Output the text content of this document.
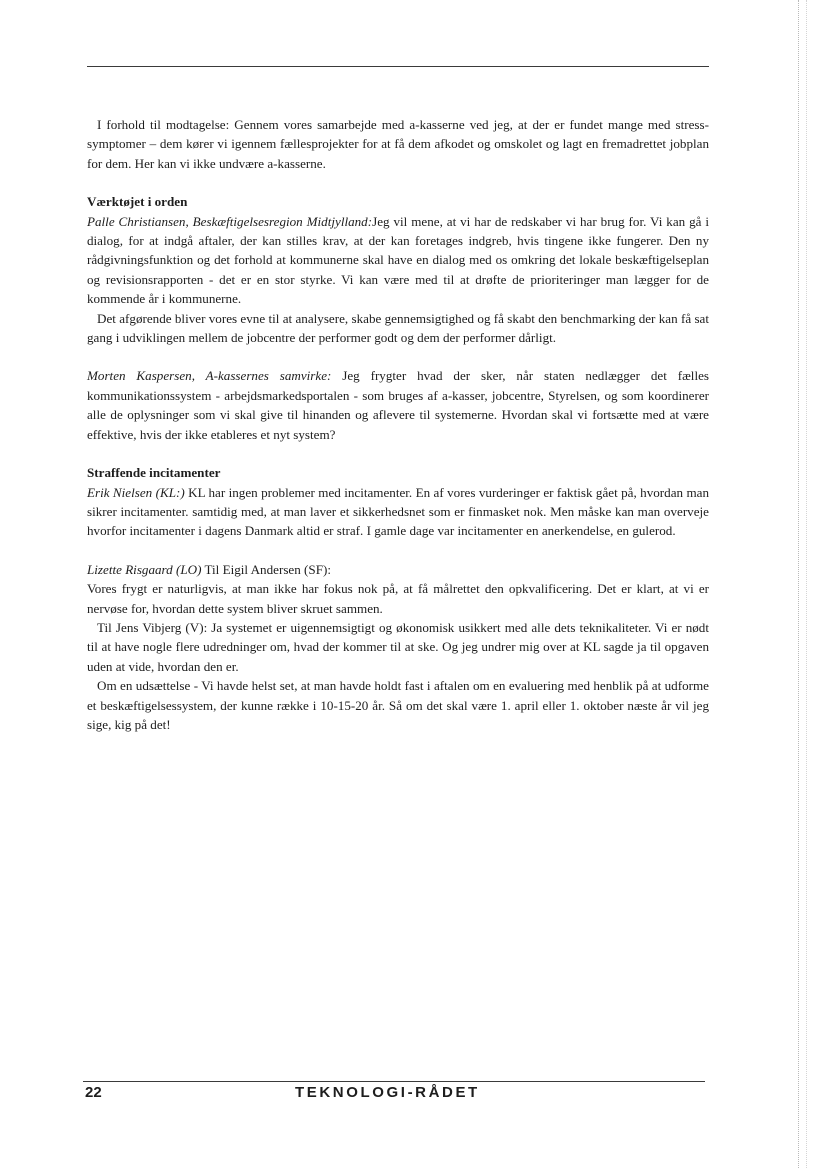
I forhold til modtagelse: Gennem vores samarbejde med a-kasserne ved jeg, at der er fundet mange med stress-symptomer – dem kører vi igennem fællesprojekter for at få dem afkodet og omskolet og lagt en fremadrettet jobplan for dem. Her kan vi ikke undvære a-kasserne.

Værktøjet i orden

Palle Christiansen, Beskæftigelsesregion Midtjylland:Jeg vil mene, at vi har de redskaber vi har brug for. Vi kan gå i dialog, for at indgå aftaler, der kan stilles krav, at der kan foretages indgreb, hvis tingene ikke fungerer. Den ny rådgivningsfunktion og det forhold at kommunerne skal have en dialog med os omkring det lokale beskæftigelseplan og revisionsrapporten - det er en stor styrke. Vi kan være med til at drøfte de prioriteringer man lægger for de kommende år i kommunerne.

Det afgørende bliver vores evne til at analysere, skabe gennemsigtighed og få skabt den benchmarking der kan få sat gang i udviklingen mellem de jobcentre der performer godt og dem der performer dårligt.

Morten Kaspersen, A-kassernes samvirke: Jeg frygter hvad der sker, når staten nedlægger det fælles kommunikationssystem - arbejdsmarkedsportalen - som bruges af a-kasser, jobcentre, Styrelsen, og som koordinerer alle de oplysninger som vi skal give til hinanden og aflevere til systemerne. Hvordan skal vi fortsætte med at være effektive, hvis der ikke etableres et nyt system?

Straffende incitamenter

Erik Nielsen (KL:) KL har ingen problemer med incitamenter. En af vores vurderinger er faktisk gået på, hvordan man sikrer incitamenter. samtidig med, at man laver et sikkerhedsnet som er finmasket nok. Men måske kan man overveje hvorfor incitamenter i dagens Danmark altid er straf. I gamle dage var incitamenter en anerkendelse, en gulerod.

Lizette Risgaard (LO) Til Eigil Andersen (SF):

Vores frygt er naturligvis, at man ikke har fokus nok på, at få målrettet den opkvalificering. Det er klart, at vi er nervøse for, hvordan dette system bliver skruet sammen.

Til Jens Vibjerg (V): Ja systemet er uigennemsigtigt og økonomisk usikkert med alle dets teknikaliteter. Vi er nødt til at have nogle flere udredninger om, hvad der kommer til at ske. Og jeg undrer mig over at KL sagde ja til opgaven uden at vide, hvordan den er.

Om en udsættelse - Vi havde helst set, at man havde holdt fast i aftalen om en evaluering med henblik på at udforme et beskæftigelsessystem, der kunne række i 10-15-20 år. Så om det skal være 1. april eller 1. oktober næste år vil jeg sige, kig på det!

22	TEKNOLOGI-RÅDET
